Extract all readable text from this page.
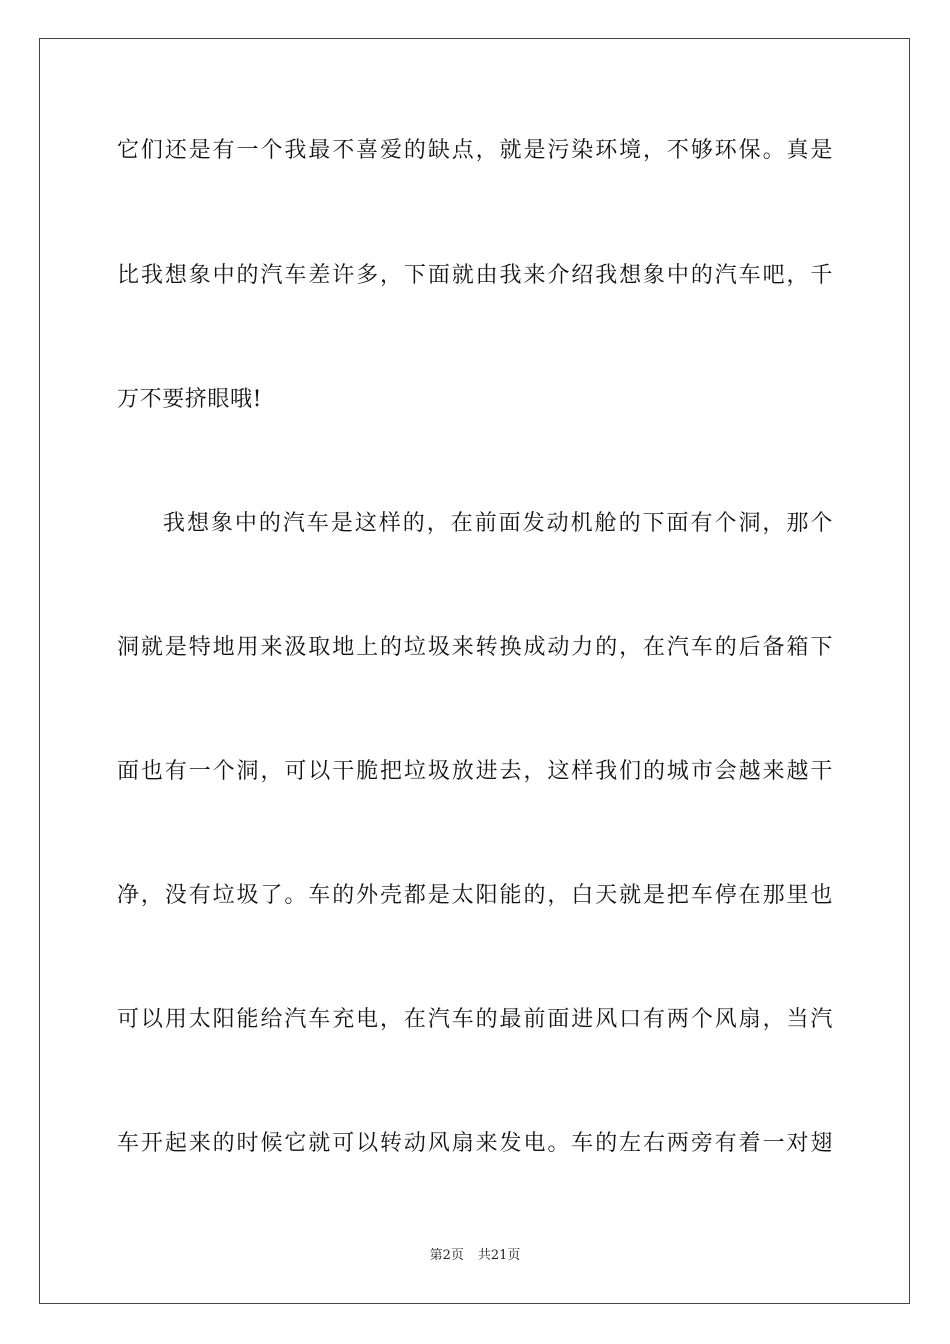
它们还是有一个我最不喜爱的缺点，就是污染环境，不够环保。真是
比我想象中的汽车差许多，下面就由我来介绍我想象中的汽车吧，千
万不要挤眼哦!
我想象中的汽车是这样的，在前面发动机舱的下面有个洞，那个
洞就是特地用来汲取地上的垃圾来转换成动力的，在汽车的后备箱下
面也有一个洞，可以干脆把垃圾放进去，这样我们的城市会越来越干
净，没有垃圾了。车的外壳都是太阳能的，白天就是把车停在那里也
可以用太阳能给汽车充电，在汽车的最前面进风口有两个风扇，当汽
车开起来的时候它就可以转动风扇来发电。车的左右两旁有着一对翅
第2页 共21页
